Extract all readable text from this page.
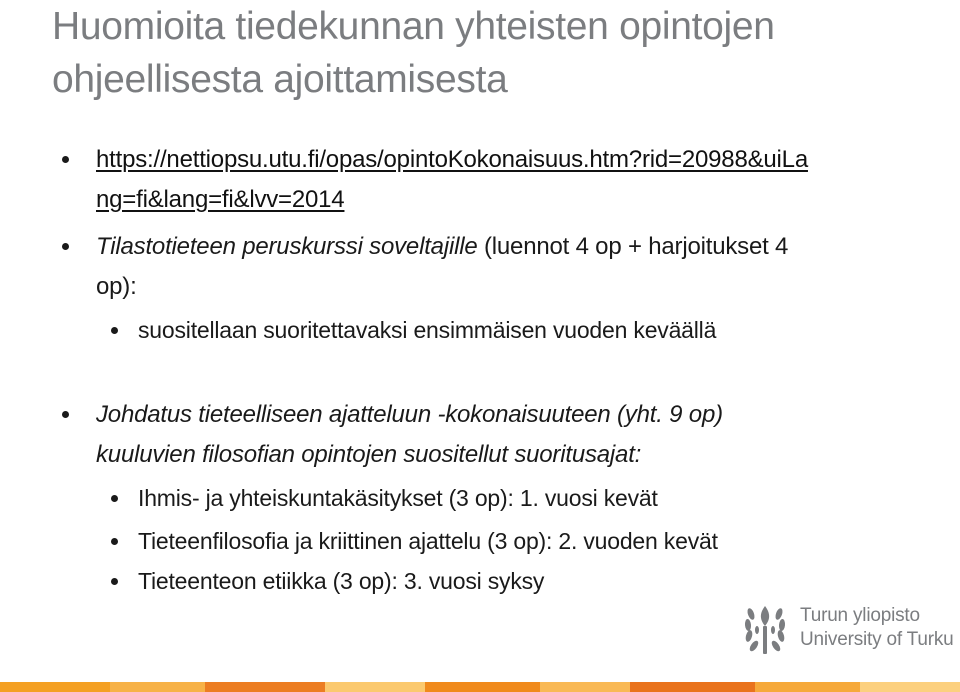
Huomioita tiedekunnan yhteisten opintojen ohjeellisesta ajoittamisesta
https://nettiopsu.utu.fi/opas/opintoKokonaisuus.htm?rid=20988&uiLa
ng=fi&lang=fi&lvv=2014
Tilastotieteen peruskurssi soveltajille (luennot 4 op + harjoitukset 4
op):
suositellaan suoritettavaksi ensimmäisen vuoden keväällä
Johdatus tieteelliseen ajatteluun -kokonaisuuteen (yht. 9 op)
kuuluvien filosofian opintojen suositellut suoritusajat:
Ihmis- ja yhteiskuntakäsitykset (3 op): 1. vuosi kevät
Tieteenfilosofia ja kriittinen ajattelu (3 op): 2. vuoden kevät
Tieteenteon etiikka (3 op): 3. vuosi syksy
Turun yliopisto
University of Turku
